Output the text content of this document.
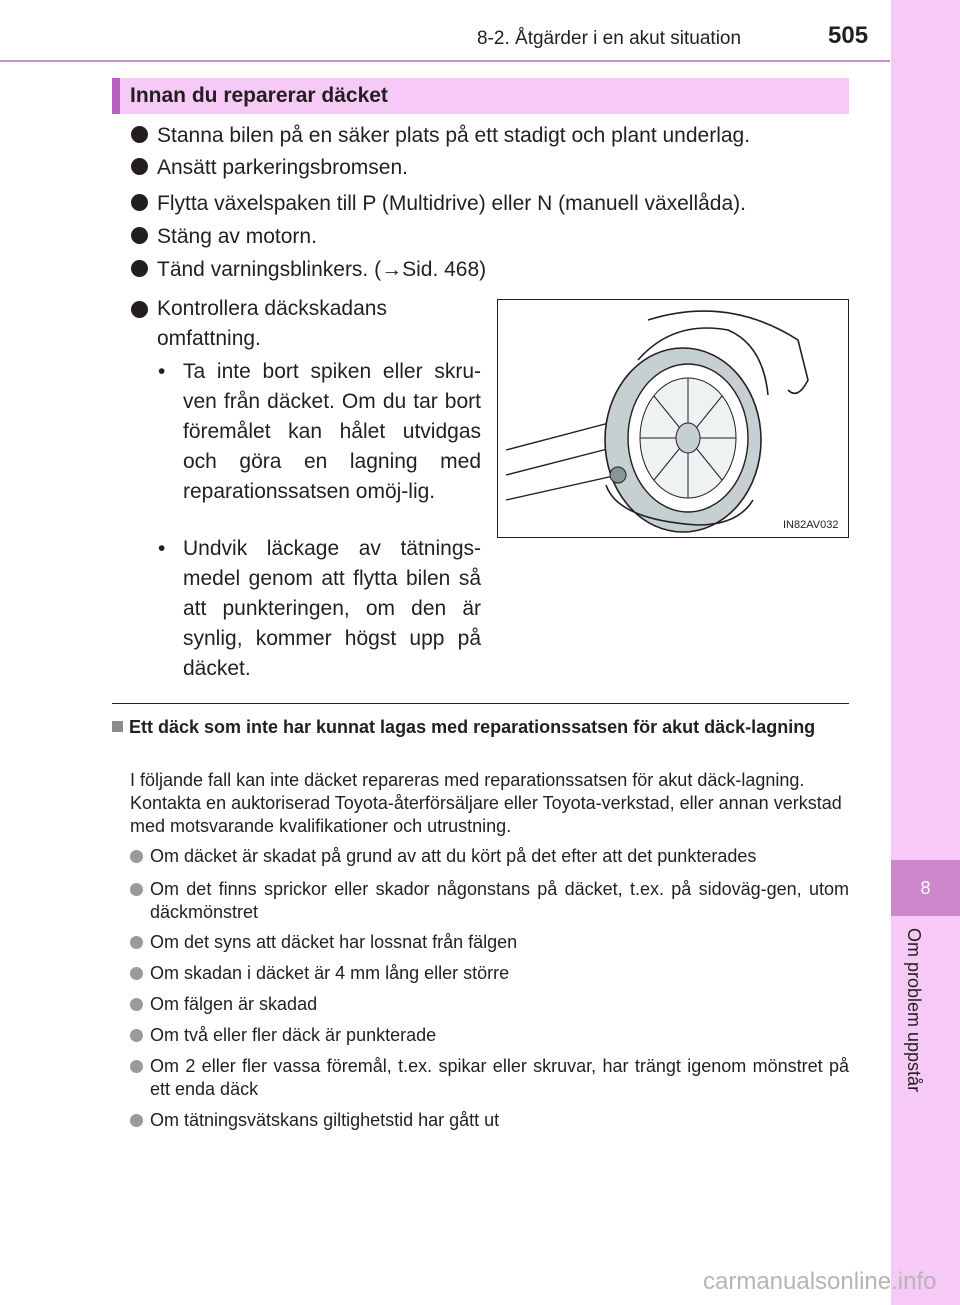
8-2. Åtgärder i en akut situation	505
8
Om problem uppstår
Innan du reparerar däcket
Stanna bilen på en säker plats på ett stadigt och plant underlag.
Ansätt parkeringsbromsen.
Flytta växelspaken till P (Multidrive) eller N (manuell växellåda).
Stäng av motorn.
Tänd varningsblinkers. (→Sid. 468)
Kontrollera däckskadans omfattning.
• Ta inte bort spiken eller skru-ven från däcket. Om du tar bort föremålet kan hålet utvidgas och göra en lagning med reparationssatsen omöj-lig.
• Undvik läckage av tätnings-medel genom att flytta bilen så att punkteringen, om den är synlig, kommer högst upp på däcket.
IN82AV032
Ett däck som inte har kunnat lagas med reparationssatsen för akut däck-lagning
I följande fall kan inte däcket repareras med reparationssatsen för akut däck-lagning. Kontakta en auktoriserad Toyota-återförsäljare eller Toyota-verkstad, eller annan verkstad med motsvarande kvalifikationer och utrustning.
Om däcket är skadat på grund av att du kört på det efter att det punkterades
Om det finns sprickor eller skador någonstans på däcket, t.ex. på sidoväg-gen, utom däckmönstret
Om det syns att däcket har lossnat från fälgen
Om skadan i däcket är 4 mm lång eller större
Om fälgen är skadad
Om två eller fler däck är punkterade
Om 2 eller fler vassa föremål, t.ex. spikar eller skruvar, har trängt igenom mönstret på ett enda däck
Om tätningsvätskans giltighetstid har gått ut
carmanualsonline.info
